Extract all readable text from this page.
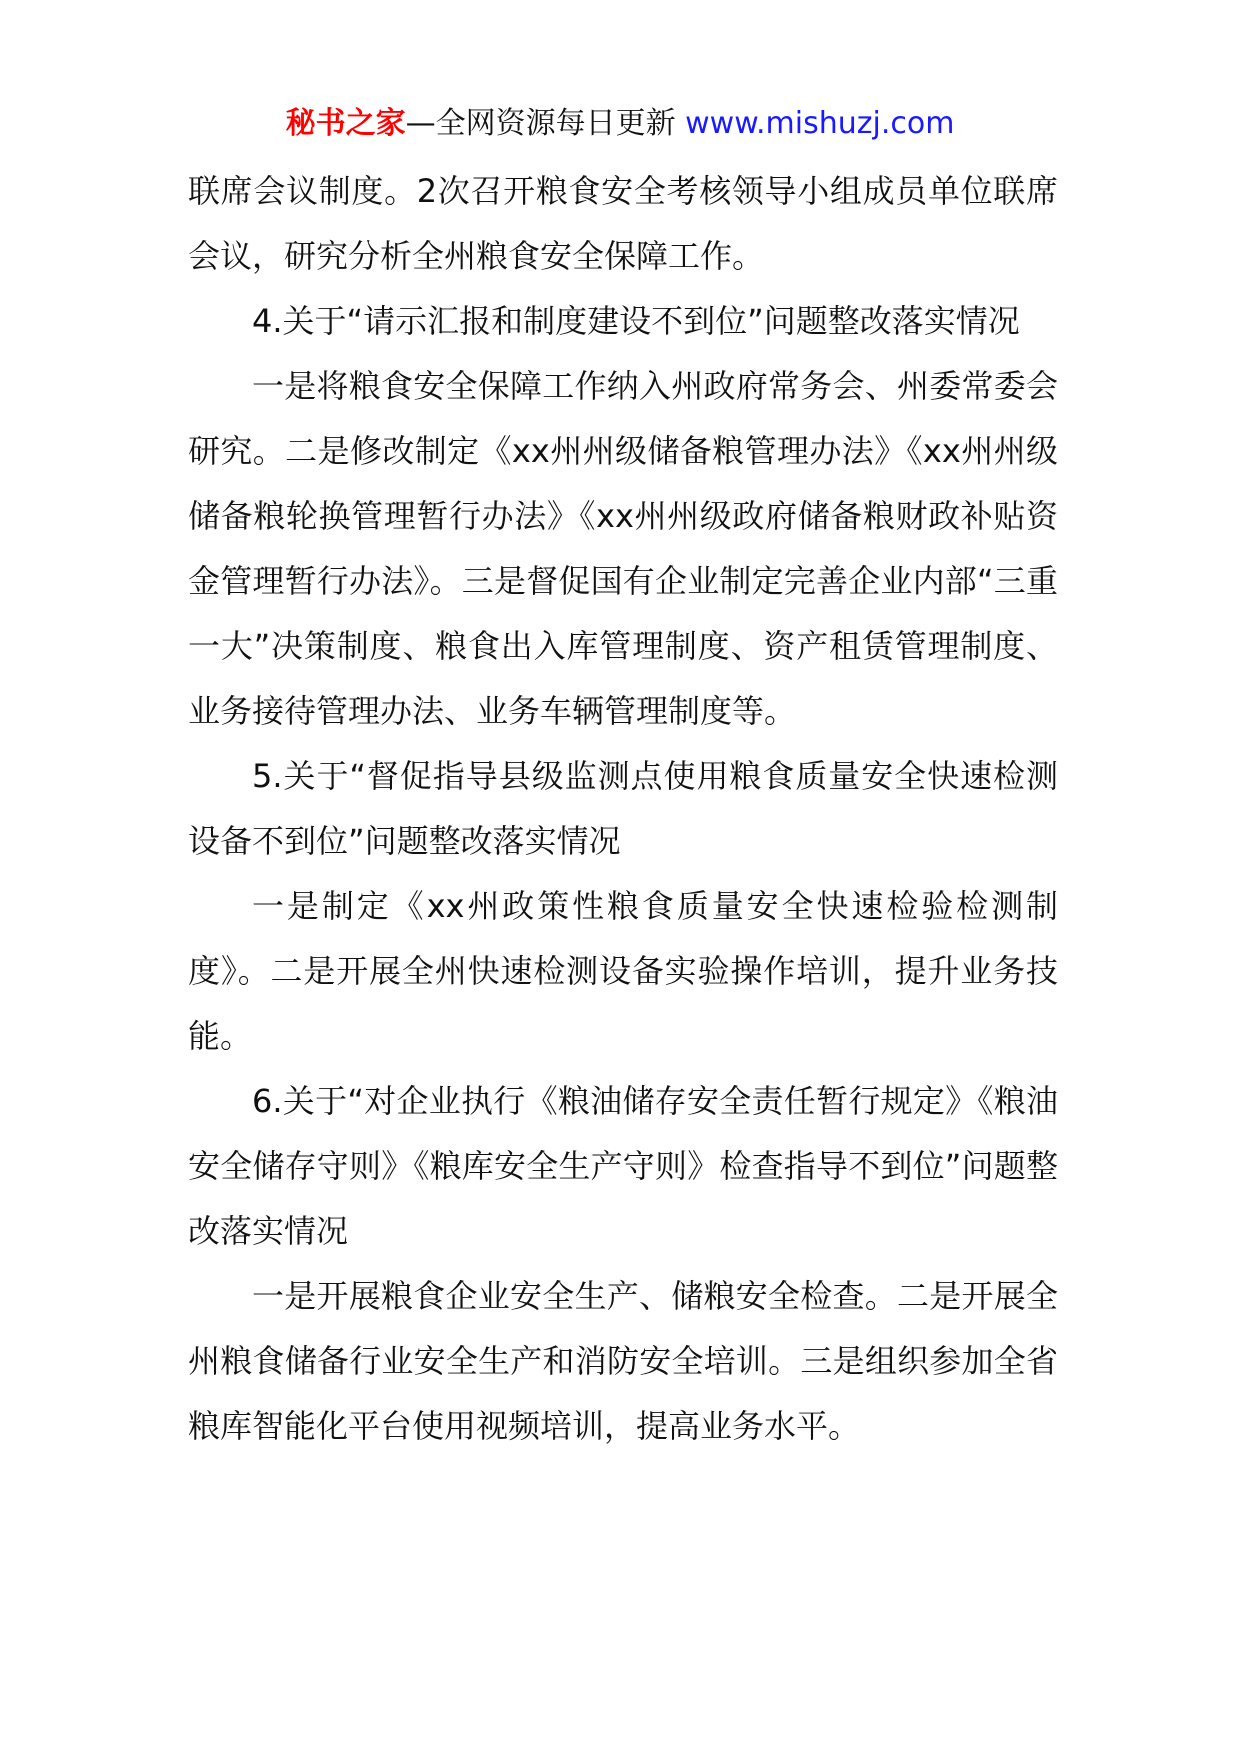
秘书之家—全网资源每日更新 www.mishuzj.com

联席会议制度。2次召开粮食安全考核领导小组成员单位联席会议，研究分析全州粮食安全保障工作。

4.关于“请示汇报和制度建设不到位”问题整改落实情况

一是将粮食安全保障工作纳入州政府常务会、州委常委会研究。二是修改制定《xx州州级储备粮管理办法》《xx州州级储备粮轮换管理暂行办法》《xx州州级政府储备粮财政补贴资金管理暂行办法》。三是督促国有企业制定完善企业内部“三重一大”决策制度、粮食出入库管理制度、资产租赁管理制度、业务接待管理办法、业务车辆管理制度等。

5.关于“督促指导县级监测点使用粮食质量安全快速检测设备不到位”问题整改落实情况

一是制定《xx州政策性粮食质量安全快速检验检测制度》。二是开展全州快速检测设备实验操作培训，提升业务技能。

6.关于“对企业执行《粮油储存安全责任暂行规定》《粮油安全储存守则》《粮库安全生产守则》检查指导不到位”问题整改落实情况

一是开展粮食企业安全生产、储粮安全检查。二是开展全州粮食储备行业安全生产和消防安全培训。三是组织参加全省粮库智能化平台使用视频培训，提高业务水平。
